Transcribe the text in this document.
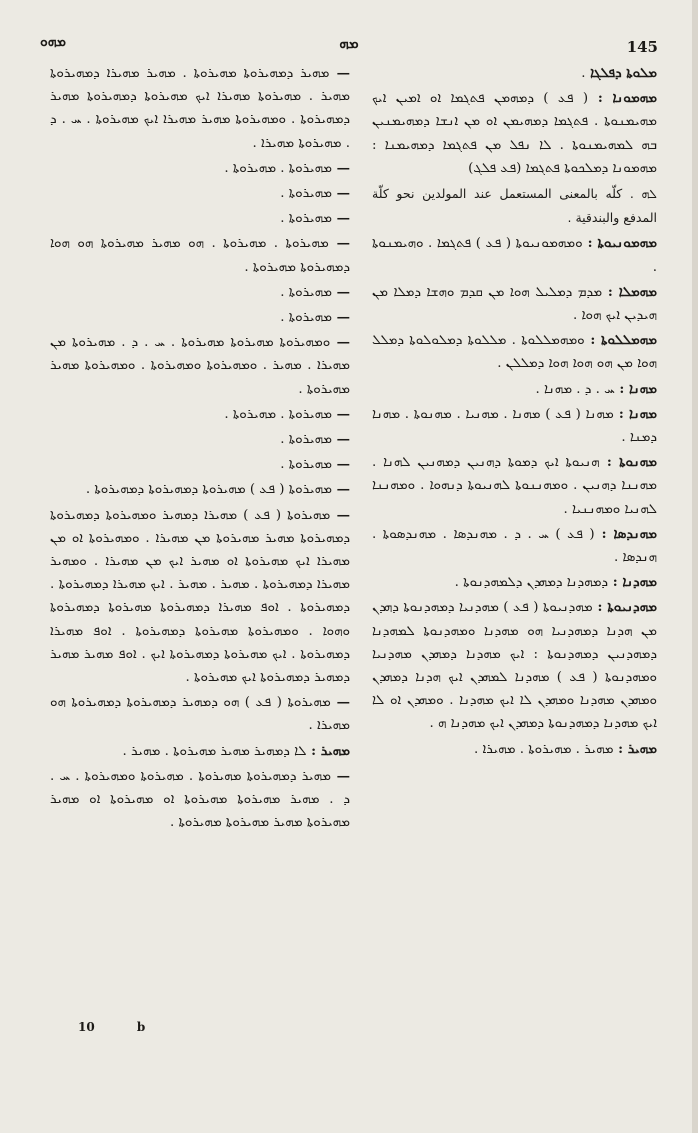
ܡܗܘ	ܡܗ	145

ܡܠܘܬܐ ܕܦܠܓܐ .

ܡܗܡܘܢܐ : ( ܦܥ ) ܕܡܗܡܢ ܦܬܓܡܐ ܐܘ ܐܡܝܢ ܐܝܟ ܡܗܝܡܢܘܬܐ . ܦܬܓܡܐ ܕܡܗܝܡܢ ܐܘ ܡܢ ܐܢܫܐ ܕܡܗܝܡܢܝܢ ܒܗ ܠܡܗܝܡܢܘܬܐ . ܠܐ ܢܦܠ ܡܢ ܦܬܓܡܐ ܕܡܗܝܡܢܐ : ܡܗܡܘܢܐ ܕܡܠܟܘܬܐ ܦܬܓܡܐ (ܦܥ ܦܠܓ)

ܠܗ . كلّه بالمعنى المستعمل عند المولدين نحو كلّة المدفع والبندقية .

ܡܗܡܘܢܝܘܬܐ : ܘܡܗܡܘܢܝܘܬܐ ( ܦܥ ) ܦܬܓܡܐ . ܘܗܝܡܢܘܬܐ .

ܡܗܡܠܐ : ܡܕܡ ܕܡܠܝܠ ܗܘܐ ܡܢ ܩܕܡ ܘܗܫܐ ܕܡܠܐ ܡܢ ܗܝܕܝܢ ܐܝܟ ܗܘܐ .

ܡܗܡܠܠܘܬܐ : ܘܡܗܡܠܠܘܬܐ . ܡܠܠܘܬܐ ܕܡܠܘܠܘܬܐ ܕܡܠܠ ܗܘܐ ܡܢ ܗܘ ܗܘܐ ܗܘܐ ܕܡܠܠܢ .

ܡܗܢܐ : ܚ . ܕ . ܡܗܢܐ .

ܡܗܢܐ : ܡܗܢܐ ( ܦܥ ) ܡܗܢܐ . ܡܗܢܝܐ . ܡܗܢܘܬܐ . ܡܗܢܐ ܕܡܢܐ .

ܡܗܢܘܬܐ : ܗܢܝܘܬܐ ܐܝܟ ܕܡܘܬܐ ܕܗܢܝܢ ܕܡܗܢܝܢ ܠܗܢܐ . ܡܗܢܢܐ ܕܗܢܝܢ . ܘܡܗܢܢܘܬܐ ܠܗܢܝܘܬܐ ܕܢܗܘܐ . ܘܡܗܢܢܐ ܠܗܢܝܐ ܘܡܗܢܢܝܐ .

ܡܗܢܕܣܐ : ( ܦܥ ) ܚ . ܕ . ܡܗܢܕܣܐ . ܡܗܢܕܣܘܬܐ . ܗܢܕܣܐ .

ܡܗܕܢܐ : ܕܡܗܕܢܐ ܕܡܗܕܢ ܕܠܡܗܕܢܘܬܐ .

ܡܗܕܢܝܘܬܐ : ܡܗܕܢܝܘܬܐ ( ܦܥ ) ܡܗܕܢܝܐ ܕܡܗܕܢܘܬܐ ܕܗܕܢ ܡܢ ܗܕܢܐ ܕܡܗܕܢܝܐ ܗܘ ܡܗܕܢܐ ܘܡܗܕܢܘܬܐ ܠܡܗܕܢܐ ܕܡܗܕܢܝܢ ܕܡܗܕܢܘܬܐ : ܐܝܟ ܡܗܕܢܐ ܕܡܗܕܢ ܡܗܕܢܝܐ ܘܡܗܕܢܘܬܐ ( ܦܥ ) ܡܗܕܢܐ ܠܡܗܕܢ ܐܝܟ ܗܕܢܐ ܕܡܗܕܢ ܘܡܗܕܢ ܡܗܕܢܐ ܘܡܗܕܢ ܠܐ ܐܝܟ ܡܗܕܢܐ . ܘܡܗܕܢ ܐܘ ܠܐ ܐܝܟ ܡܗܕܢܐ ܕܡܗܕܢܘܬܐ ܕܡܗܕܢ ܐܝܟ ܡܗܕܢܐ ܗ .

ܡܗܝܪ : ܡܗܝܪ . ܡܗܝܪܘܬܐ . ܡܗܝܪܐ .

— ܡܗܝܪ ܕܡܗܝܪܘܬܐ ܡܗܝܪܘܬܐ . ܡܗܝܪ ܡܗܝܪܐ ܕܡܗܝܪܘܬܐ ܡܗܝܪ . ܡܗܝܪܘܬܐ ܡܗܝܪܐ ܐܝܟ ܡܗܝܪܘܬܐ ܕܡܗܝܪܘܬܐ ܡܗܝܪ ܕܡܗܝܪܘܬܐ . ܘܡܗܝܪܘܬܐ ܡܗܝܪ ܡܗܝܪܐ ܐܝܟ ܡܗܝܪܘܬܐ . ܚ . ܕ . ܡܗܝܪܘܬܐ ܡܗܝܪܐ .

— ܡܗܝܪܘܬܐ . ܡܗܝܪܘܬܐ .

— ܡܗܝܪܘܬܐ .

— ܡܗܝܪܘܬܐ .

— ܡܗܝܪܘܬܐ . ܡܗܝܪܘܬܐ . ܗܘ ܡܗܝܪ ܡܗܝܪܘܬܐ ܗܘ ܗܘܐ ܕܡܗܝܪܘܬܐ ܡܗܝܪܘܬܐ .

— ܡܗܝܪܘܬܐ .

— ܡܗܝܪܘܬܐ .

— ܘܡܗܝܪܘܬܐ ܡܗܝܪܘܬܐ ܡܗܝܪܘܬܐ . ܚ . ܕ . ܡܗܝܪܘܬܐ ܡܢ ܡܗܝܪܐ . ܡܗܝܪ . ܘܡܗܝܪܘܬܐ ܘܡܗܝܪܘܬܐ . ܘܡܗܝܪܘܬܐ ܡܗܝܪ ܡܗܝܪܘܬܐ .

— ܡܗܝܪܘܬܐ . ܡܗܝܪܘܬܐ .

— ܡܗܝܪܘܬܐ .

— ܡܗܝܪܘܬܐ .

— ܡܗܝܪܘܬܐ ( ܦܥ ) ܡܗܝܪܘܬܐ ܕܡܗܝܪܘܬܐ ܕܡܗܝܪܘܬܐ .

— ܡܗܝܪܘܬܐ ( ܦܥ ) ܡܗܝܪܐ ܕܡܗܝܪ ܘܡܗܝܪܘܬܐ ܕܡܗܝܪܘܬܐ ܕܡܗܝܪܘܬܐ ܡܗܝܪ ܡܗܝܪܘܬܐ ܡܢ ܡܗܝܪܐ . ܘܡܗܝܪܘܬܐ ܐܘ ܡܢ ܡܗܝܪܐ ܐܝܟ ܡܗܝܪܘܬܐ ܐܘ ܡܗܝܪ ܐܝܟ ܡܢ ܡܗܝܪܐ . ܘܡܗܝܪ ܡܗܝܪܐ ܕܡܗܝܪܘܬܐ . ܡܗܝܪ . ܡܗܝܪ . ܐܝܟ ܡܗܝܪܐ ܕܡܗܝܪܘܬܐ . ܕܡܗܝܪܘܬܐ . ܐܘܦ ܡܗܝܪܐ ܕܡܗܝܪܘܬܐ ܡܗܝܪܘܬܐ ܕܡܗܝܪܘܬܐ ܘܗܘܐ . ܘܡܗܝܪܘܬܐ ܡܗܝܪܘܬܐ ܕܡܗܝܪܘܬܐ . ܐܘܦ ܡܗܝܪܐ ܕܡܗܝܪܘܬܐ . ܐܝܟ ܡܗܝܪܘܬܐ ܕܡܗܝܪܘܬܐ ܐܝܟ . ܐܘܦ ܡܗܝܪ ܡܗܝܪ ܕܡܗܝܪ ܕܡܗܝܪܘܬܐ ܐܝܟ ܡܗܝܪܘܬܐ .

— ܡܗܝܪܘܬܐ ( ܦܥ ) ܗܘ ܕܡܗܝܪ ܕܡܗܝܪܘܬܐ ܕܡܗܝܪܘܬܐ ܗܘ ܡܗܝܪܐ .

ܡܗܝܪ : ܠܐ ܕܡܗܝܪ ܡܗܝܪ ܡܗܝܪܘܬܐ . ܡܗܝܪ .

— ܡܗܝܪ ܕܡܗܝܪܘܬܐ ܡܗܝܪܘܬܐ . ܡܗܝܪܘܬܐ ܘܡܗܝܪܘܬܐ . ܚ . ܕ . ܡܗܝܪ ܡܗܝܪܘܬܐ ܡܗܝܪܘܬܐ ܐܘ ܡܗܝܪܘܬܐ ܐܘ ܡܗܝܪ ܡܗܝܪܘܬܐ ܡܗܝܪ ܡܗܝܪܘܬܐ ܡܗܝܪܘܬܐ .

10	b
